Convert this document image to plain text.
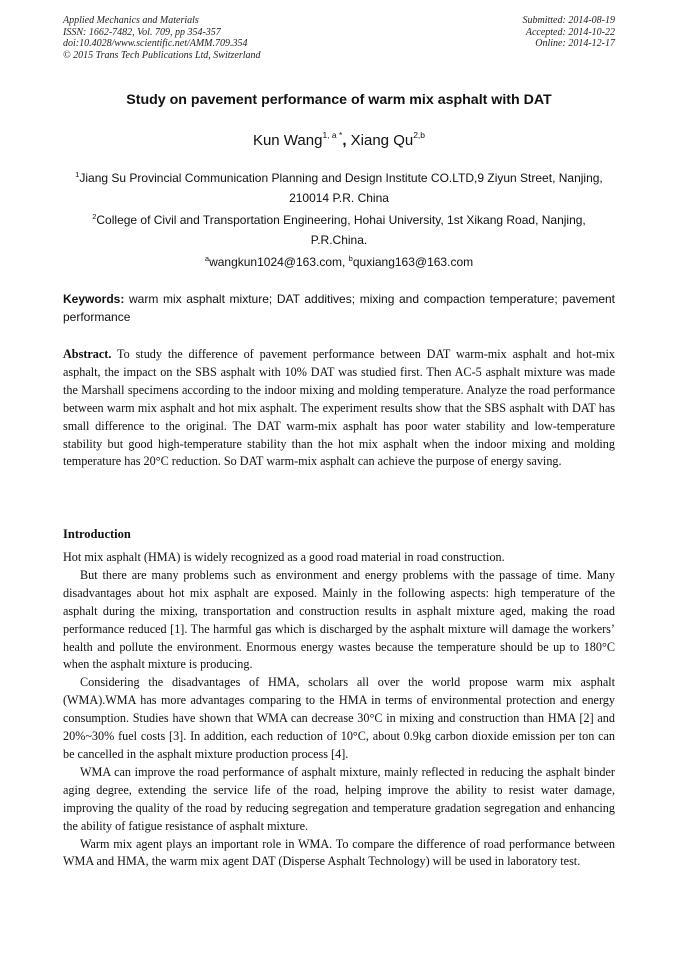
Applied Mechanics and Materials
ISSN: 1662-7482, Vol. 709, pp 354-357
doi:10.4028/www.scientific.net/AMM.709.354
© 2015 Trans Tech Publications Ltd, Switzerland
Submitted: 2014-08-19
Accepted: 2014-10-22
Online: 2014-12-17
Study on pavement performance of warm mix asphalt with DAT
Kun Wang$^{1, a *}$, Xiang Qu$^{2,b}$
$^1$Jiang Su Provincial Communication Planning and Design Institute CO.LTD,9 Ziyun Street, Nanjing, 210014 P.R. China
$^2$College of Civil and Transportation Engineering, Hohai University, 1st Xikang Road, Nanjing, P.R.China.
$^a$wangkun1024@163.com, $^b$quxiang163@163.com
Keywords: warm mix asphalt mixture; DAT additives; mixing and compaction temperature; pavement performance
Abstract. To study the difference of pavement performance between DAT warm-mix asphalt and hot-mix asphalt, the impact on the SBS asphalt with 10% DAT was studied first. Then AC-5 asphalt mixture was made the Marshall specimens according to the indoor mixing and molding temperature. Analyze the road performance between warm mix asphalt and hot mix asphalt. The experiment results show that the SBS asphalt with DAT has small difference to the original. The DAT warm-mix asphalt has poor water stability and low-temperature stability but good high-temperature stability than the hot mix asphalt when the indoor mixing and molding temperature has 20°C reduction. So DAT warm-mix asphalt can achieve the purpose of energy saving.
Introduction

Hot mix asphalt (HMA) is widely recognized as a good road material in road construction.

But there are many problems such as environment and energy problems with the passage of time. Many disadvantages about hot mix asphalt are exposed. Mainly in the following aspects: high temperature of the asphalt during the mixing, transportation and construction results in asphalt mixture aged, making the road performance reduced [1]. The harmful gas which is discharged by the asphalt mixture will damage the workers’ health and pollute the environment. Enormous energy wastes because the temperature should be up to 180°C when the asphalt mixture is producing.

Considering the disadvantages of HMA, scholars all over the world propose warm mix asphalt (WMA).WMA has more advantages comparing to the HMA in terms of environmental protection and energy consumption. Studies have shown that WMA can decrease 30°C in mixing and construction than HMA [2] and 20%~30% fuel costs [3]. In addition, each reduction of 10°C, about 0.9kg carbon dioxide emission per ton can be cancelled in the asphalt mixture production process [4].

WMA can improve the road performance of asphalt mixture, mainly reflected in reducing the asphalt binder aging degree, extending the service life of the road, helping improve the ability to resist water damage, improving the quality of the road by reducing segregation and temperature gradation segregation and enhancing the ability of fatigue resistance of asphalt mixture.

Warm mix agent plays an important role in WMA. To compare the difference of road performance between WMA and HMA, the warm mix agent DAT (Disperse Asphalt Technology) will be used in laboratory test.
